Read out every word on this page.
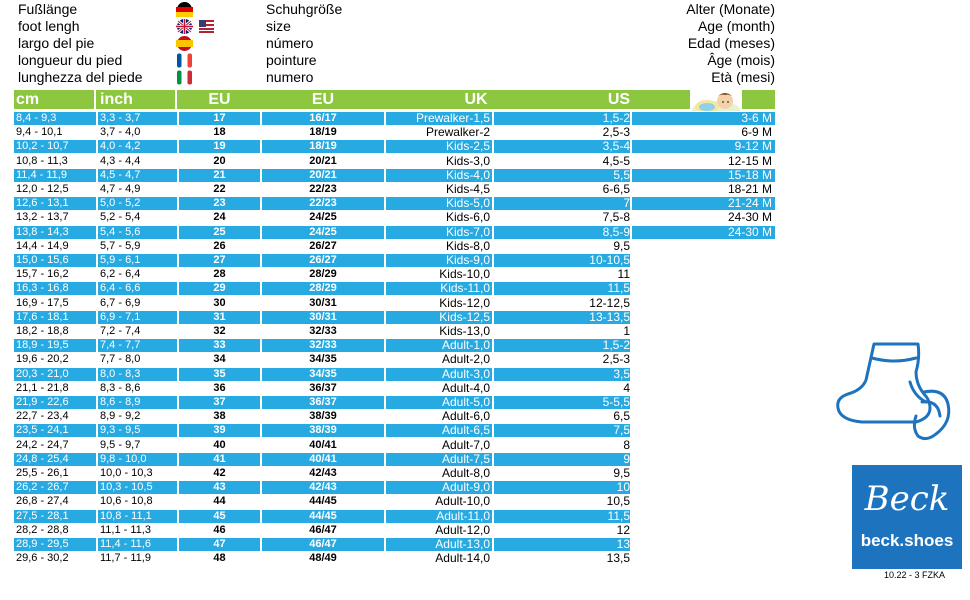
Fußlänge	Schuhgröße	Alter (Monate)
foot lengh	size	Age (month)
largo del pie	número	Edad (meses)
longueur du pied	pointure	Âge (mois)
lunghezza del piede	numero	Età (mesi)
cm	inch	EU	EU	UK	US
8,4 - 9,3	3,3 - 3,7	17	16/17	Prewalker-1,5	1,5-2	3-6 M
9,4 - 10,1	3,7 - 4,0	18	18/19	Prewalker-2	2,5-3	6-9 M
10,2 - 10,7	4,0 - 4,2	19	18/19	Kids-2,5	3,5-4	9-12 M
10,8 - 11,3	4,3 - 4,4	20	20/21	Kids-3,0	4,5-5	12-15 M
11,4 - 11,9	4,5 - 4,7	21	20/21	Kids-4,0	5,5	15-18 M
12,0 - 12,5	4,7 - 4,9	22	22/23	Kids-4,5	6-6,5	18-21 M
12,6 - 13,1	5,0 - 5,2	23	22/23	Kids-5,0	7	21-24 M
13,2 - 13,7	5,2 - 5,4	24	24/25	Kids-6,0	7,5-8	24-30 M
13,8 - 14,3	5,4 - 5,6	25	24/25	Kids-7,0	8,5-9	24-30 M
14,4 - 14,9	5,7 - 5,9	26	26/27	Kids-8,0	9,5
15,0 - 15,6	5,9 - 6,1	27	26/27	Kids-9,0	10-10,5
15,7 - 16,2	6,2 - 6,4	28	28/29	Kids-10,0	11
16,3 - 16,8	6,4 - 6,6	29	28/29	Kids-11,0	11,5
16,9 - 17,5	6,7 - 6,9	30	30/31	Kids-12,0	12-12,5
17,6 - 18,1	6,9 - 7,1	31	30/31	Kids-12,5	13-13,5
18,2 - 18,8	7,2 - 7,4	32	32/33	Kids-13,0	1
18,9 - 19,5	7,4 - 7,7	33	32/33	Adult-1,0	1,5-2
19,6 - 20,2	7,7 - 8,0	34	34/35	Adult-2,0	2,5-3
20,3 - 21,0	8,0 - 8,3	35	34/35	Adult-3,0	3,5
21,1 - 21,8	8,3 - 8,6	36	36/37	Adult-4,0	4
21,9 - 22,6	8,6 - 8,9	37	36/37	Adult-5,0	5-5,5
22,7 - 23,4	8,9 - 9,2	38	38/39	Adult-6,0	6,5
23,5 - 24,1	9,3 - 9,5	39	38/39	Adult-6,5	7,5
24,2 - 24,7	9,5 - 9,7	40	40/41	Adult-7,0	8
24,8 - 25,4	9,8 - 10,0	41	40/41	Adult-7,5	9
25,5 - 26,1	10,0 - 10,3	42	42/43	Adult-8,0	9,5
26,2 - 26,7	10,3 - 10,5	43	42/43	Adult-9,0	10
26,8 - 27,4	10,6 - 10,8	44	44/45	Adult-10,0	10,5
27,5 - 28,1	10,8 - 11,1	45	44/45	Adult-11,0	11,5
28,2 - 28,8	11,1 - 11,3	46	46/47	Adult-12,0	12
28,9 - 29,5	11,4 - 11,6	47	46/47	Adult-13,0	13
29,6 - 30,2	11,7 - 11,9	48	48/49	Adult-14,0	13,5
Beck
beck.shoes
10.22 - 3 FZKA
